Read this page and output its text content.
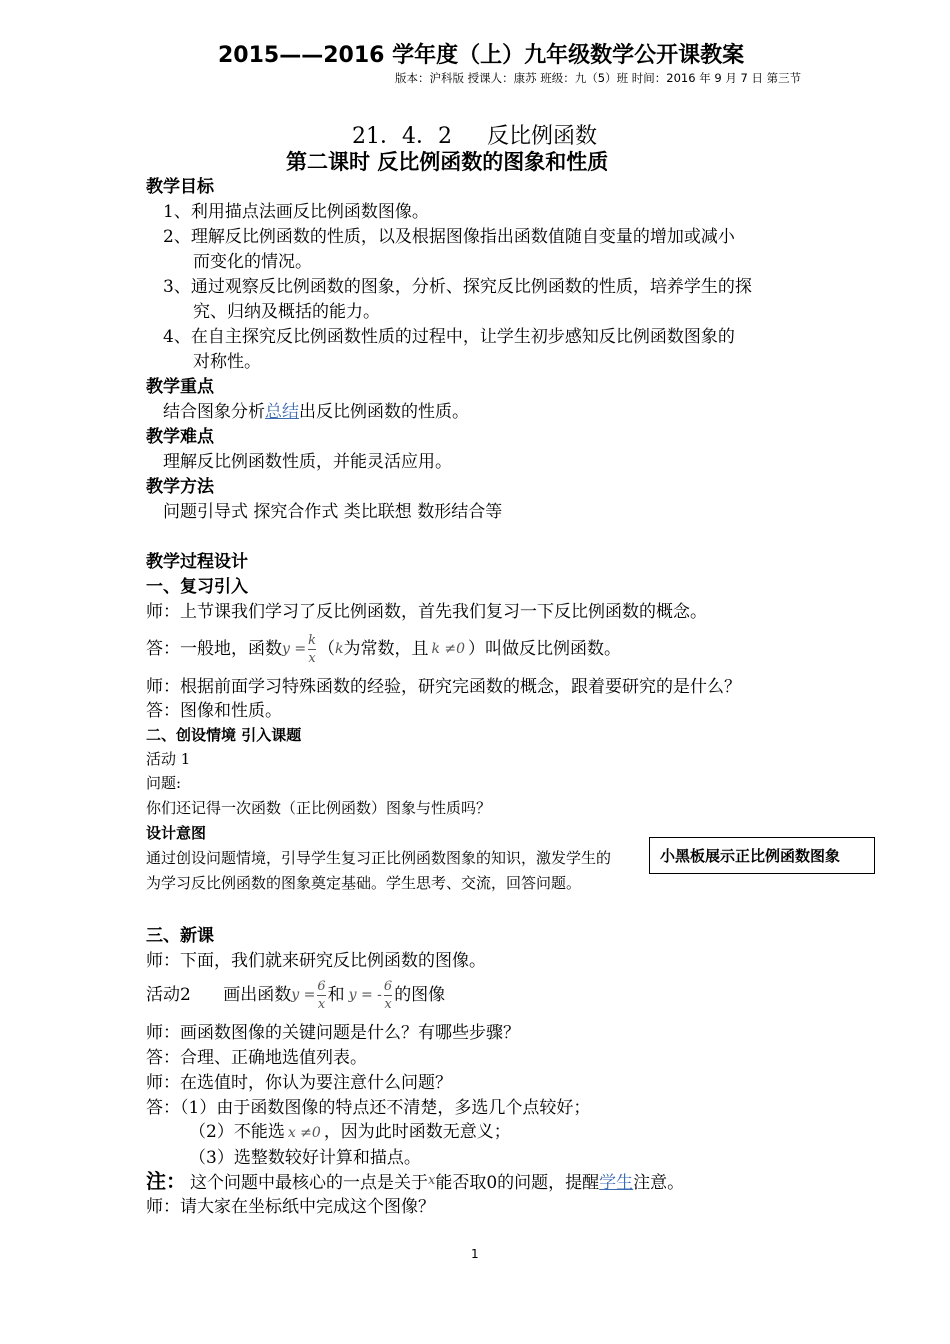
2015——2016 学年度（上）九年级数学公开课教案
版本：沪科版 授课人：康苏 班级：九（5）班 时间：2016 年 9 月 7 日 第三节
21．4．2 反比例函数
第二课时 反比例函数的图象和性质
教学目标
1、利用描点法画反比例函数图像。
2、理解反比例函数的性质，以及根据图像指出函数值随自变量的增加或减小
而变化的情况。
3、通过观察反比例函数的图象，分析、探究反比例函数的性质，培养学生的探
究、归纳及概括的能力。
4、在自主探究反比例函数性质的过程中，让学生初步感知反比例函数图象的
对称性。
教学重点
结合图象分析总结出反比例函数的性质。
教学难点
理解反比例函数性质，并能灵活应用。
教学方法
问题引导式 探究合作式 类比联想 数形结合等
教学过程设计
一、复习引入
师：上节课我们学习了反比例函数，首先我们复习一下反比例函数的概念。
答：一般地，函数 $y = \frac{k}{x}$ （ k 为常数，且 k ≠0 ）叫做反比例函数。
师：根据前面学习特殊函数的经验，研究完函数的概念，跟着要研究的是什么？
答：图像和性质。
二、创设情境 引入课题
活动 1
问题:
你们还记得一次函数（正比例函数）图象与性质吗？
设计意图
通过创设问题情境，引导学生复习正比例函数图象的知识，激发学生的
为学习反比例函数的图象奠定基础。学生思考、交流，回答问题。
小黑板展示正比例函数图象
三、新课
师：下面，我们就来研究反比例函数的图像。
活动2      画出函数 $y = \frac{6}{x}$ 和 y = - $\frac{6}{x}$ 的图像
师：画函数图像的关键问题是什么？有哪些步骤？
答：合理、正确地选值列表。
师：在选值时，你认为要注意什么问题？
答：（1）由于函数图像的特点还不清楚，多选几个点较好；
（2）不能选 x ≠0 ，因为此时函数无意义；
（3）选整数较好计算和描点。
注： 这个问题中最核心的一点是关于 x 能否取0的问题，提醒 学生 注意。
师：请大家在坐标纸中完成这个图像？
1
